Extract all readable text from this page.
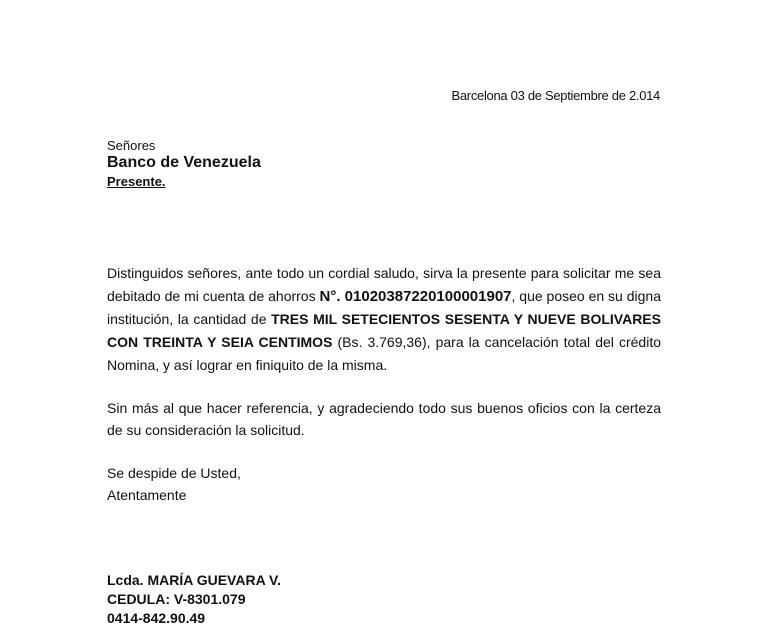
Barcelona 03 de Septiembre de 2.014
Señores
Banco de Venezuela
Presente.
Distinguidos señores, ante todo un cordial saludo, sirva la presente para solicitar me sea debitado de mi cuenta de ahorros N°. 01020387220100001907, que poseo en su digna institución, la cantidad de TRES MIL SETECIENTOS SESENTA Y NUEVE BOLIVARES CON TREINTA Y SEIA CENTIMOS (Bs. 3.769,36), para la cancelación total del crédito Nomina, y así lograr en finiquito de la misma.
Sin más al que hacer referencia, y agradeciendo todo sus buenos oficios con la certeza de su consideración la solicitud.
Se despide de Usted,
Atentamente
Lcda. MARÍA GUEVARA V.
CEDULA: V-8301.079
0414-842.90.49
